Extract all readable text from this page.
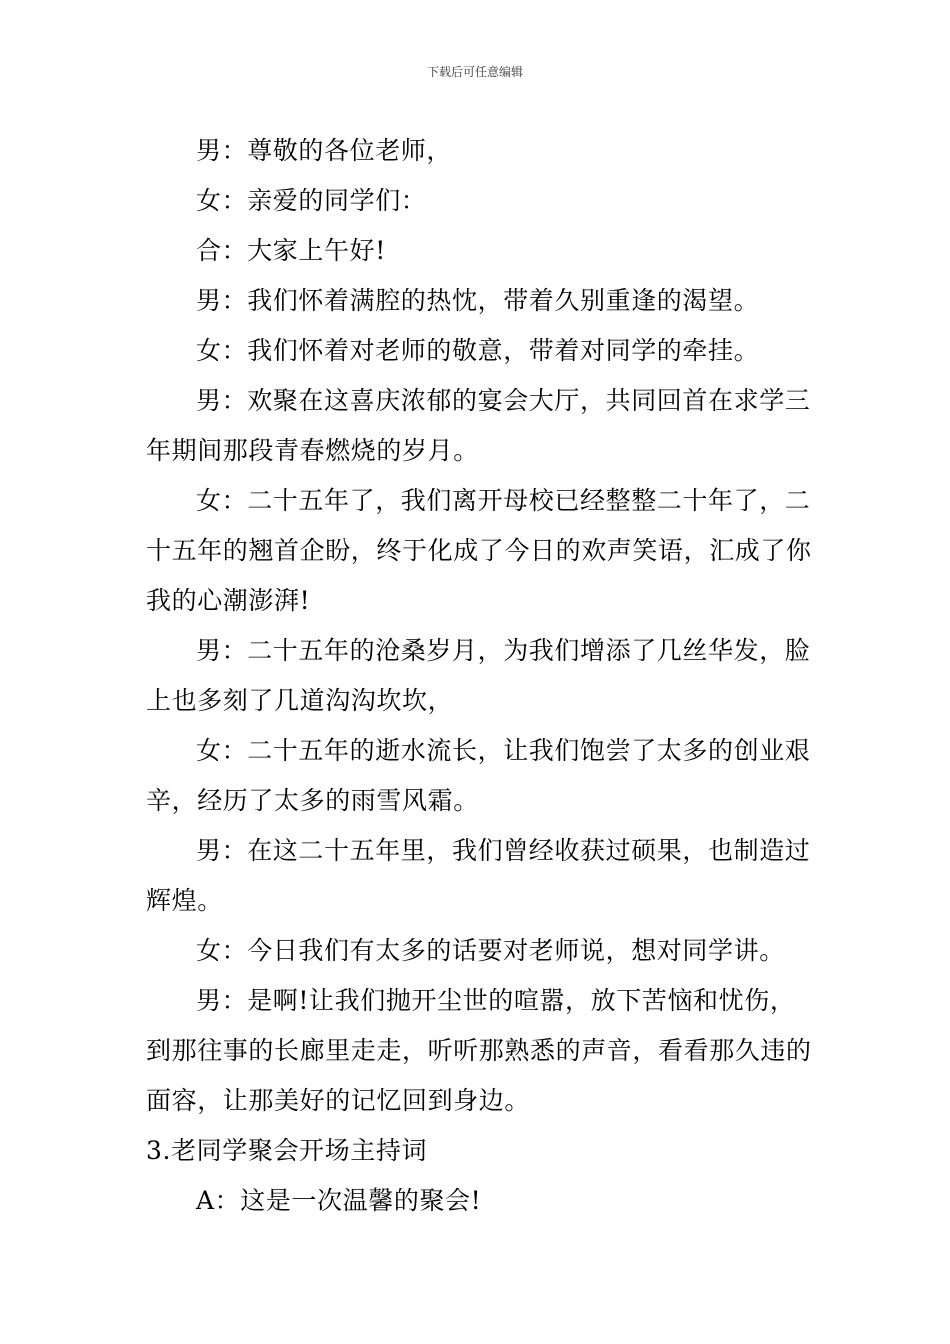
下载后可任意编辑

男：尊敬的各位老师，

女：亲爱的同学们：

合：大家上午好!

男：我们怀着满腔的热忱，带着久别重逢的渴望。

女：我们怀着对老师的敬意，带着对同学的牵挂。

男：欢聚在这喜庆浓郁的宴会大厅，共同回首在求学三年期间那段青春燃烧的岁月。

女：二十五年了，我们离开母校已经整整二十年了，二十五年的翘首企盼，终于化成了今日的欢声笑语，汇成了你我的心潮澎湃!

男：二十五年的沧桑岁月，为我们增添了几丝华发，脸上也多刻了几道沟沟坎坎，

女：二十五年的逝水流长，让我们饱尝了太多的创业艰辛，经历了太多的雨雪风霜。

男：在这二十五年里，我们曾经收获过硕果，也制造过辉煌。

女：今日我们有太多的话要对老师说，想对同学讲。

男：是啊!让我们抛开尘世的喧嚣，放下苦恼和忧伤，到那往事的长廊里走走，听听那熟悉的声音，看看那久违的面容，让那美好的记忆回到身边。

3.老同学聚会开场主持词

A：这是一次温馨的聚会!
